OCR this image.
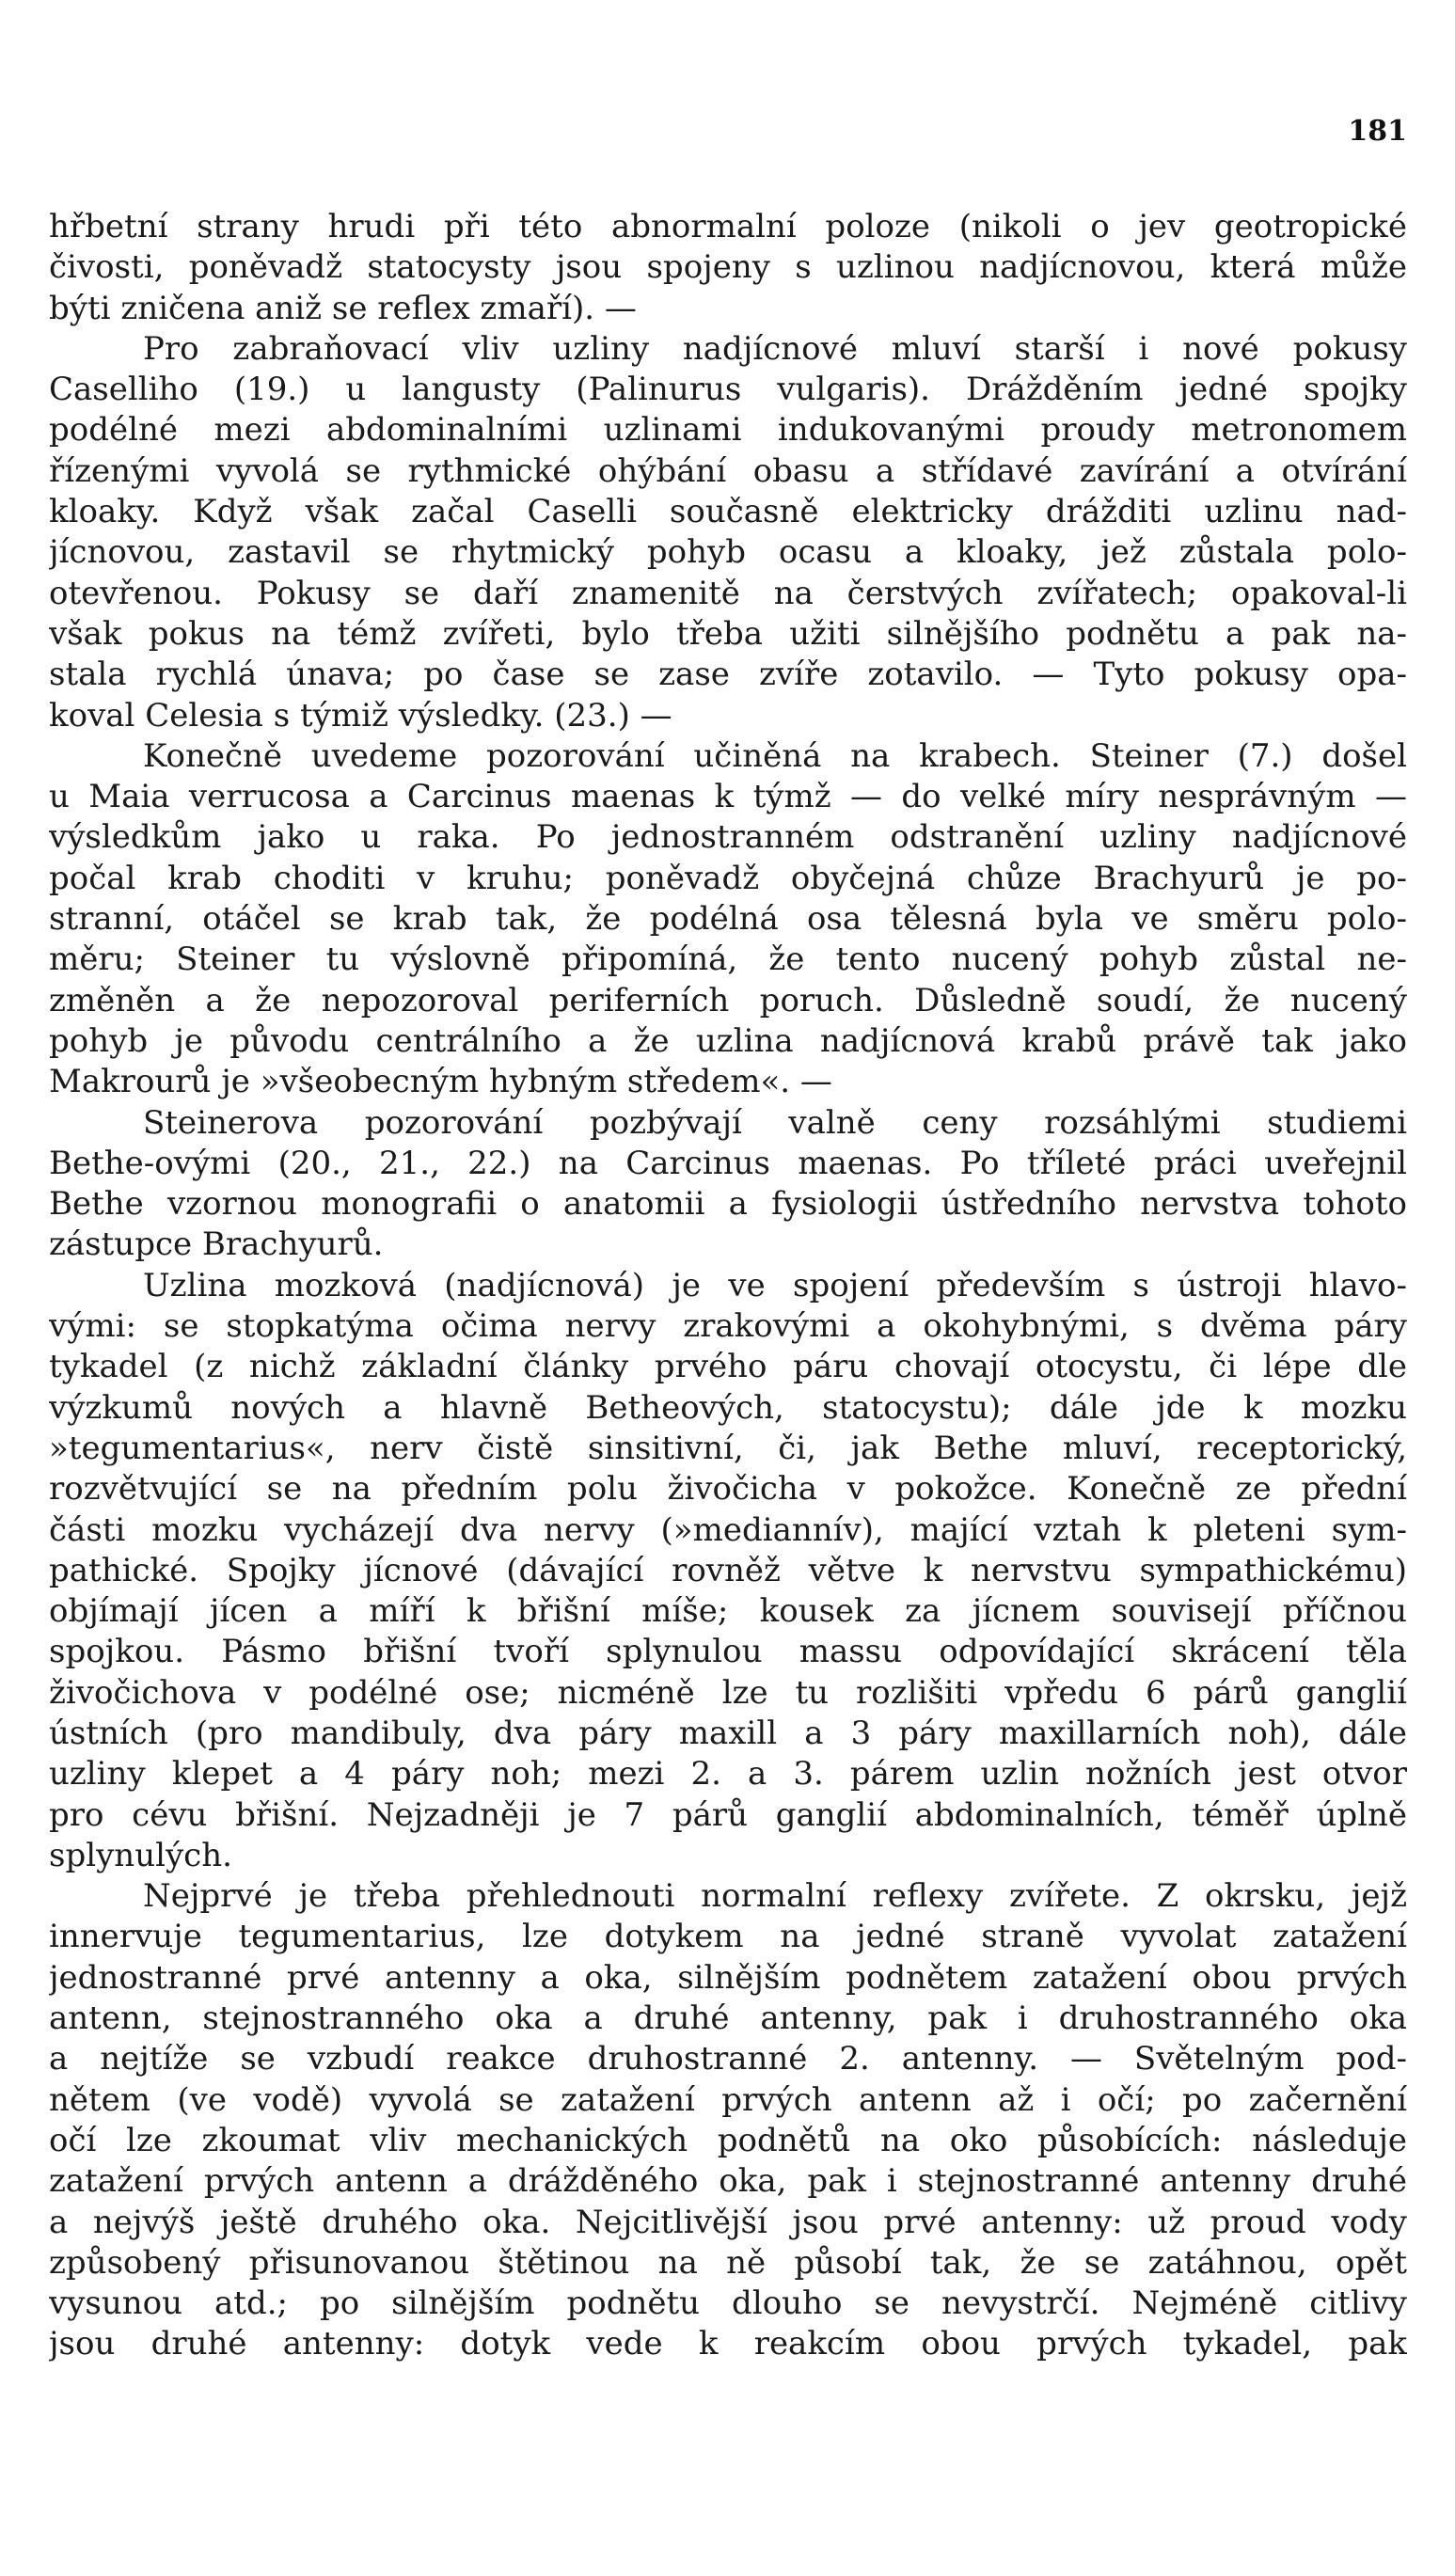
181
hřbetní strany hrudi při této abnormalní poloze (nikoli o jev geotropické
čivosti, poněvadž statocysty jsou spojeny s uzlinou nadjícnovou, která může
býti zničena aniž se reflex zmaří). —
Pro zabraňovací vliv uzliny nadjícnové mluví starší i nové pokusy
Caselliho (19.) u langusty (Palinurus vulgaris). Drážděním jedné spojky
podélné mezi abdominalními uzlinami indukovanými proudy metronomem
řízenými vyvolá se rythmické ohýbání obasu a střídavé zavírání a otvírání
kloaky. Když však začal Caselli současně elektricky drážditi uzlinu nad-
jícnovou, zastavil se rhytmický pohyb ocasu a kloaky, jež zůstala polo-
otevřenou. Pokusy se daří znamenitě na čerstvých zvířatech; opakoval-li
však pokus na témž zvířeti, bylo třeba užiti silnějšího podnětu a pak na-
stala rychlá únava; po čase se zase zvíře zotavilo. — Tyto pokusy opa-
koval Celesia s týmiž výsledky. (23.) —
Konečně uvedeme pozorování učiněná na krabech. Steiner (7.) došel
u Maia verrucosa a Carcinus maenas k týmž — do velké míry nesprávným —
výsledkům jako u raka. Po jednostranném odstranění uzliny nadjícnové
počal krab choditi v kruhu; poněvadž obyčejná chůze Brachyurů je po-
stranní, otáčel se krab tak, že podélná osa tělesná byla ve směru polo-
měru; Steiner tu výslovně připomíná, že tento nucený pohyb zůstal ne-
změněn a že nepozoroval periferních poruch. Důsledně soudí, že nucený
pohyb je původu centrálního a že uzlina nadjícnová krabů právě tak jako
Makrourů je »všeobecným hybným středem«. —
Steinerova pozorování pozbývají valně ceny rozsáhlými studiemi
Bethe-ovými (20., 21., 22.) na Carcinus maenas. Po tříleté práci uveřejnil
Bethe vzornou monografii o anatomii a fysiologii ústředního nervstva tohoto
zástupce Brachyurů.
Uzlina mozková (nadjícnová) je ve spojení především s ústroji hlavo-
vými: se stopkatýma očima nervy zrakovými a okohybnými, s dvěma páry
tykadel (z nichž základní články prvého páru chovají otocystu, či lépe dle
výzkumů nových a hlavně Betheových, statocystu); dále jde k mozku
»tegumentarius«, nerv čistě sinsitivní, či, jak Bethe mluví, receptorický,
rozvětvující se na předním polu živočicha v pokožce. Konečně ze přední
části mozku vycházejí dva nervy (»mediannív), mající vztah k pleteni sym-
pathické. Spojky jícnové (dávající rovněž větve k nervstvu sympathickému)
objímají jícen a míří k břišní míše; kousek za jícnem souvisejí příčnou
spojkou. Pásmo břišní tvoří splynulou massu odpovídající skrácení těla
živočichova v podélné ose; nicméně lze tu rozlišiti vpředu 6 párů ganglií
ústních (pro mandibuly, dva páry maxill a 3 páry maxillarních noh), dále
uzliny klepet a 4 páry noh; mezi 2. a 3. párem uzlin nožních jest otvor
pro cévu břišní. Nejzadněji je 7 párů ganglií abdominalních, téměř úplně
splynulých.
Nejprvé je třeba přehlednouti normalní reflexy zvířete. Z okrsku, jejž
innervuje tegumentarius, lze dotykem na jedné straně vyvolat zatažení
jednostranné prvé antenny a oka, silnějším podnětem zatažení obou prvých
antenn, stejnostranného oka a druhé antenny, pak i druhostranného oka
a nejtíže se vzbudí reakce druhostranné 2. antenny. — Světelným pod-
nětem (ve vodě) vyvolá se zatažení prvých antenn až i očí; po začernění
očí lze zkoumat vliv mechanických podnětů na oko působících: následuje
zatažení prvých antenn a drážděného oka, pak i stejnostranné antenny druhé
a nejvýš ještě druhého oka. Nejcitlivější jsou prvé antenny: už proud vody
způsobený přisunovanou štětinou na ně působí tak, že se zatáhnou, opět
vysunou atd.; po silnějším podnětu dlouho se nevystrčí. Nejméně citlivy
jsou druhé antenny: dotyk vede k reakcím obou prvých tykadel, pak
